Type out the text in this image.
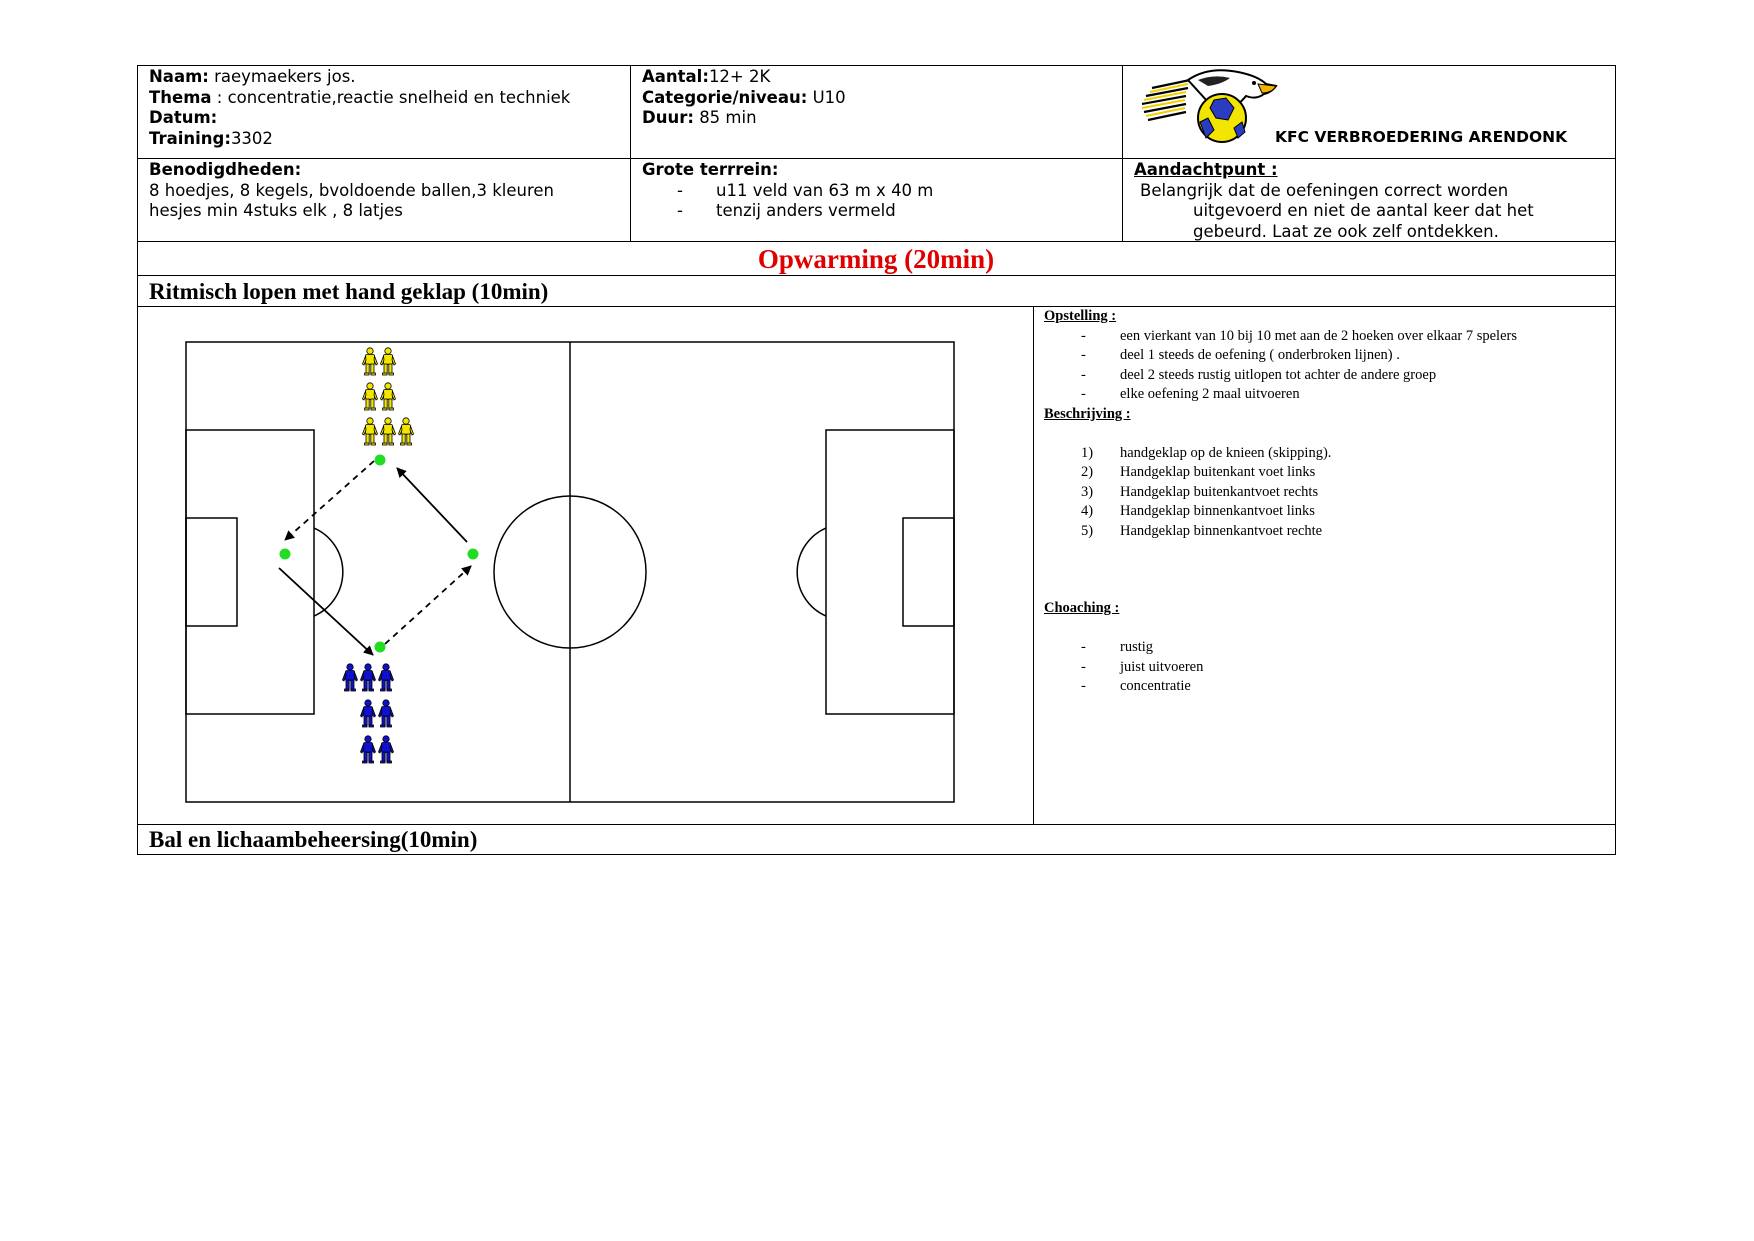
Naam: raeymaekers jos.
Thema : concentratie,reactie snelheid en techniek
Datum:
Training:3302
Aantal:12+ 2K
Categorie/niveau: U10
Duur: 85 min
KFC VERBROEDERING ARENDONK
Benodigdheden:
8 hoedjes, 8 kegels, bvoldoende ballen,3 kleuren
hesjes min 4stuks elk , 8 latjes
Grote terrrein:
- u11 veld van 63 m x 40 m
- tenzij anders vermeld
Aandachtpunt :
Belangrijk dat de oefeningen correct worden
uitgevoerd en niet de aantal keer dat het
gebeurd. Laat ze ook zelf ontdekken.
Opwarming (20min)
Ritmisch lopen met hand geklap (10min)
Opstelling :
- een vierkant van 10 bij 10 met aan de 2 hoeken over elkaar 7 spelers
- deel 1 steeds de oefening ( onderbroken lijnen) .
- deel 2 steeds rustig uitlopen tot achter de andere groep
- elke oefening 2 maal uitvoeren
Beschrijving :
1) handgeklap op de knieen (skipping).
2) Handgeklap buitenkant voet links
3) Handgeklap buitenkantvoet rechts
4) Handgeklap binnenkantvoet links
5) Handgeklap binnenkantvoet rechte
Choaching :
- rustig
- juist uitvoeren
- concentratie
Bal en lichaambeheersing(10min)
